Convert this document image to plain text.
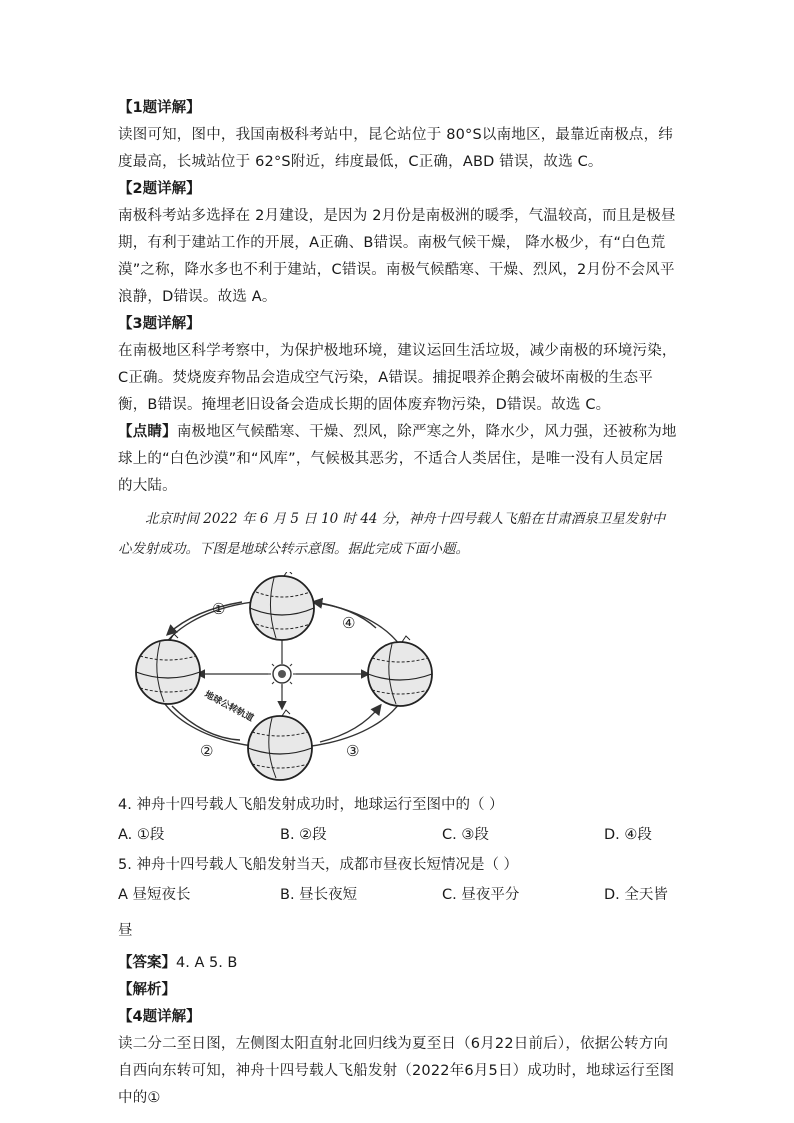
【1题详解】

读图可知，图中，我国南极科考站中，昆仑站位于 80°S以南地区，最靠近南极点，纬度最高，长城站位于 62°S附近，纬度最低，C正确，ABD 错误，故选 C。

【2题详解】

南极科考站多选择在 2月建设，是因为 2月份是南极洲的暖季，气温较高，而且是极昼期，有利于建站工作的开展，A正确、B错误。南极气候干燥， 降水极少，有“白色荒漠”之称，降水多也不利于建站，C错误。南极气候酷寒、干燥、烈风，2月份不会风平浪静，D错误。故选 A。

【3题详解】

在南极地区科学考察中，为保护极地环境，建议运回生活垃圾，减少南极的环境污染，C正确。焚烧废弃物品会造成空气污染，A错误。捕捉喂养企鹅会破坏南极的生态平衡，B错误。掩埋老旧设备会造成长期的固体废弃物污染，D错误。故选 C。

【点睛】南极地区气候酷寒、干燥、烈风，除严寒之外，降水少，风力强，还被称为地球上的“白色沙漠”和“风库”，气候极其恶劣，不适合人类居住，是唯一没有人员定居的大陆。

北京时间 2022 年 6 月 5 日 10 时 44 分，神舟十四号载人飞船在甘肃酒泉卫星发射中心发射成功。下图是地球公转示意图。据此完成下面小题。

①
②	③
④
地球公转轨道

4. 神舟十四号载人飞船发射成功时，地球运行至图中的（ ）

A. ①段	B. ②段	C. ③段	D. ④段

5. 神舟十四号载人飞船发射当天，成都市昼夜长短情况是（ ）

A 昼短夜长	B. 昼长夜短	C. 昼夜平分	D. 全天皆

昼

【答案】4. A 5. B

【解析】

【4题详解】

读二分二至日图，左侧图太阳直射北回归线为夏至日（6月22日前后），依据公转方向自西向东转可知，神舟十四号载人飞船发射（2022年6月5日）成功时，地球运行至图中的①
